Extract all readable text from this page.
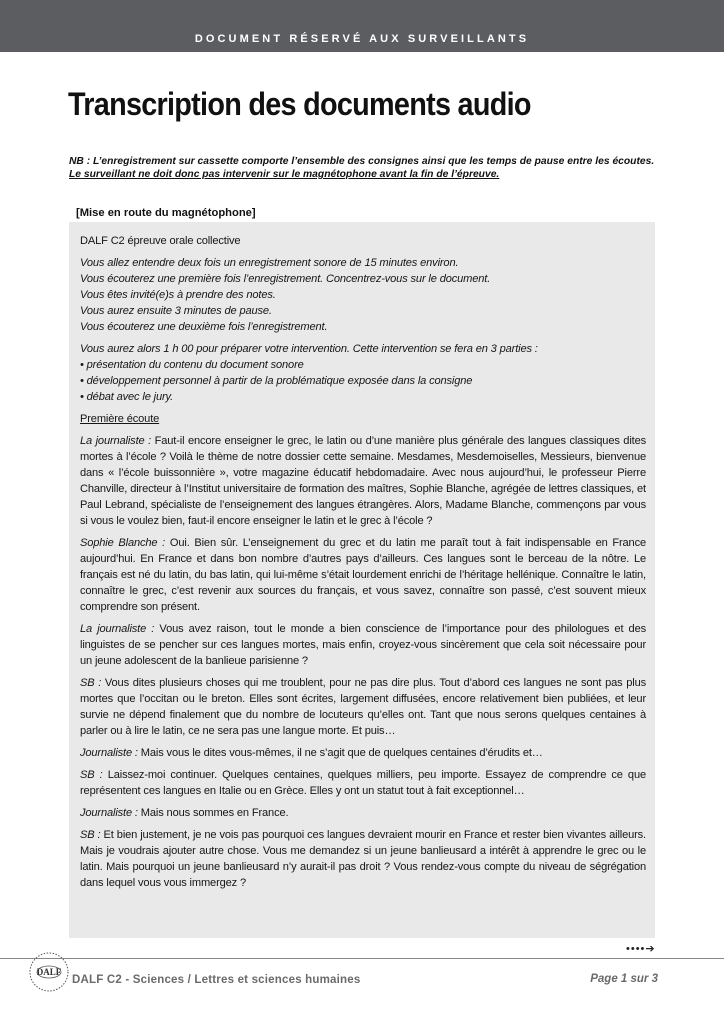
DOCUMENT RÉSERVÉ AUX SURVEILLANTS
Transcription des documents audio
NB : L’enregistrement sur cassette comporte l’ensemble des consignes ainsi que les temps de pause entre les écoutes. Le surveillant ne doit donc pas intervenir sur le magnétophone avant la fin de l’épreuve.
[Mise en route du magnétophone]

DALF C2 épreuve orale collective

Vous allez entendre deux fois un enregistrement sonore de 15 minutes environ.
Vous écouterez une première fois l’enregistrement. Concentrez-vous sur le document.
Vous êtes invité(e)s à prendre des notes.
Vous aurez ensuite 3 minutes de pause.
Vous écouterez une deuxième fois l’enregistrement.

Vous aurez alors 1 h 00 pour préparer votre intervention. Cette intervention se fera en 3 parties :
• présentation du contenu du document sonore
• développement personnel à partir de la problématique exposée dans la consigne
• débat avec le jury.

Première écoute

La journaliste : Faut-il encore enseigner le grec, le latin ou d’une manière plus générale des langues classiques dites mortes à l’école ? Voilà le thème de notre dossier cette semaine. Mesdames, Mesdemoiselles, Messieurs, bienvenue dans « l’école buissonnière », votre magazine éducatif hebdomadaire. Avec nous aujourd’hui, le professeur Pierre Chanville, directeur à l’Institut universitaire de formation des maîtres, Sophie Blanche, agrégée de lettres classiques, et Paul Lebrand, spécialiste de l’enseignement des langues étrangères. Alors, Madame Blanche, commençons par vous si vous le voulez bien, faut-il encore enseigner le latin et le grec à l’école ?

Sophie Blanche : Oui. Bien sûr. L’enseignement du grec et du latin me paraît tout à fait indispensable en France aujourd’hui. En France et dans bon nombre d’autres pays d’ailleurs. Ces langues sont le berceau de la nôtre. Le français est né du latin, du bas latin, qui lui-même s’était lourdement enrichi de l’héritage hellénique. Connaître le latin, connaître le grec, c’est revenir aux sources du français, et vous savez, connaître son passé, c’est souvent mieux comprendre son présent.

La journaliste : Vous avez raison, tout le monde a bien conscience de l’importance pour des philologues et des linguistes de se pencher sur ces langues mortes, mais enfin, croyez-vous sincèrement que cela soit nécessaire pour un jeune adolescent de la banlieue parisienne ?

SB : Vous dites plusieurs choses qui me troublent, pour ne pas dire plus. Tout d’abord ces langues ne sont pas plus mortes que l’occitan ou le breton. Elles sont écrites, largement diffusées, encore relativement bien publiées, et leur survie ne dépend finalement que du nombre de locuteurs qu’elles ont. Tant que nous serons quelques centaines à parler ou à lire le latin, ce ne sera pas une langue morte. Et puis…

Journaliste : Mais vous le dites vous-mêmes, il ne s’agit que de quelques centaines d’érudits et…

SB : Laissez-moi continuer. Quelques centaines, quelques milliers, peu importe. Essayez de comprendre ce que représentent ces langues en Italie ou en Grèce. Elles y ont un statut tout à fait exceptionnel…

Journaliste : Mais nous sommes en France.

SB : Et bien justement, je ne vois pas pourquoi ces langues devraient mourir en France et rester bien vivantes ailleurs. Mais je voudrais ajouter autre chose. Vous me demandez si un jeune banlieusard a intérêt à apprendre le grec ou le latin. Mais pourquoi un jeune banlieusard n’y aurait-il pas droit ? Vous rendez-vous compte du niveau de ségrégation dans lequel vous vous immergez ?

••••➔
DALF
DALF C2 - Sciences / Lettres et sciences humaines	Page 1 sur 3
